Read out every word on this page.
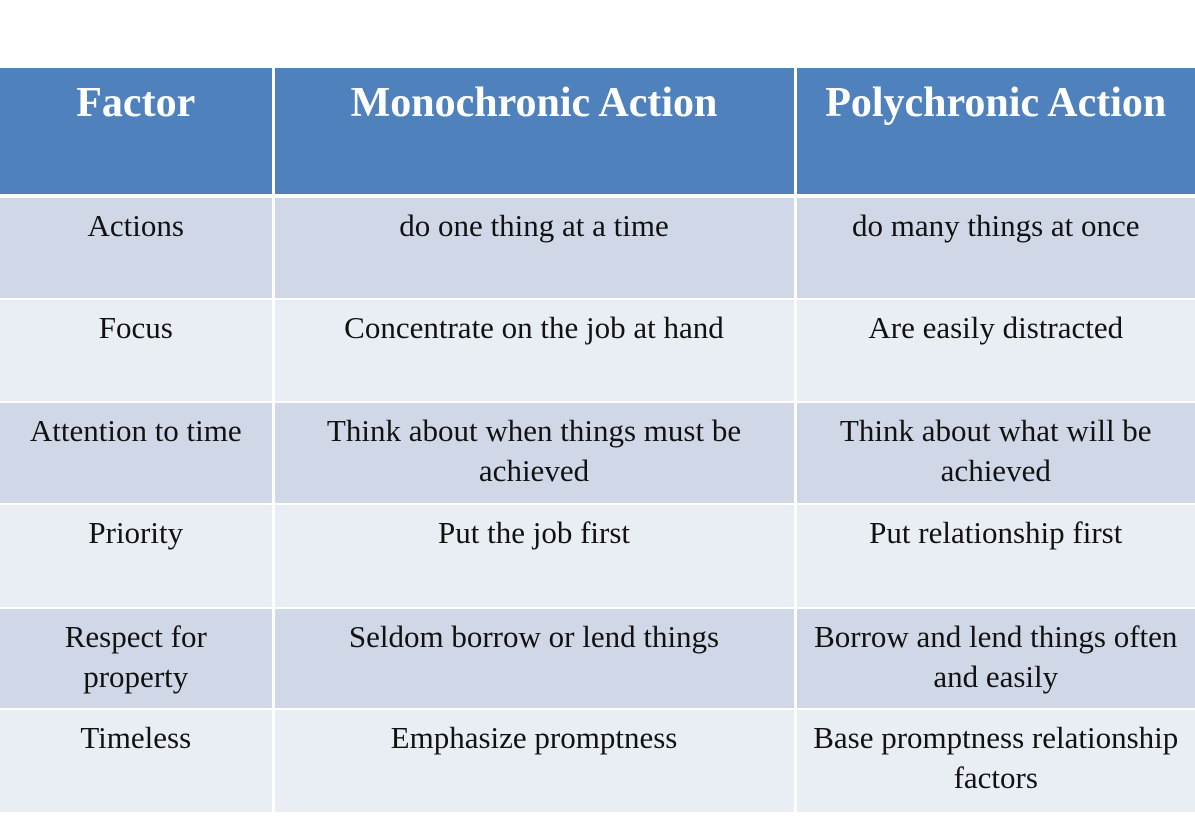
Factor	Monochronic Action	Polychronic Action
Actions	do one thing at a time	do many things at once
Focus	Concentrate on the job at hand	Are easily distracted
Attention to time	Think about when things must be achieved	Think about what will be achieved
Priority	Put the job first	Put relationship first
Respect for property	Seldom borrow or lend things	Borrow and lend things often and easily
Timeless	Emphasize promptness	Base promptness relationship factors
